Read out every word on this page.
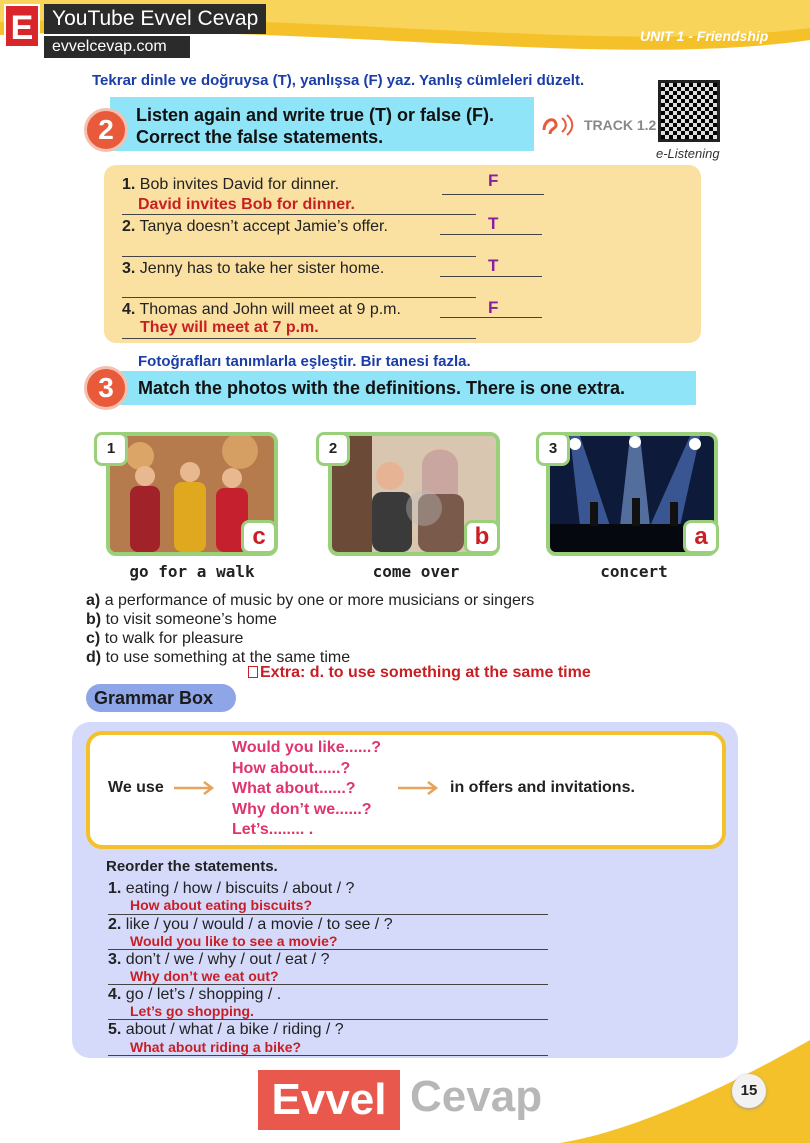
E YouTube Evvel Cevap
evvelcevap.com
UNIT 1 - Friendship
Tekrar dinle ve doğruysa (T), yanlışsa (F) yaz. Yanlış cümleleri düzelt.
2	Listen again and write true (T) or false (F).
Correct the false statements.
TRACK 1.2
e-Listening
1. Bob invites David for dinner.	F
David invites Bob for dinner.
2. Tanya doesn’t accept Jamie’s offer.	T
3. Jenny has to take her sister home.	T
4. Thomas and John will meet at 9 p.m.	F
They will meet at 7 p.m.
Fotoğrafları tanımlarla eşleştir. Bir tanesi fazla.
3	Match the photos with the definitions. There is one extra.
1
c
go for a walk
2
b
come over
3
a
concert
a) a performance of music by one or more musicians or singers
b) to visit someone’s home
c) to walk for pleasure
d) to use something at the same time
Extra: d. to use something at the same time
Grammar Box
We use
Would you like......?
How about......?
What about......?
Why don’t we......?
Let’s........ .
in offers and invitations.
Reorder the statements.
1. eating / how / biscuits / about / ?
How about eating biscuits?
2. like / you / would / a movie / to see / ?
Would you like to see a movie?
3. don’t / we / why / out / eat / ?
Why don’t we eat out?
4. go / let’s / shopping / .
Let’s go shopping.
5. about / what / a bike / riding / ?
What about riding a bike?
Evvel Cevap	15
